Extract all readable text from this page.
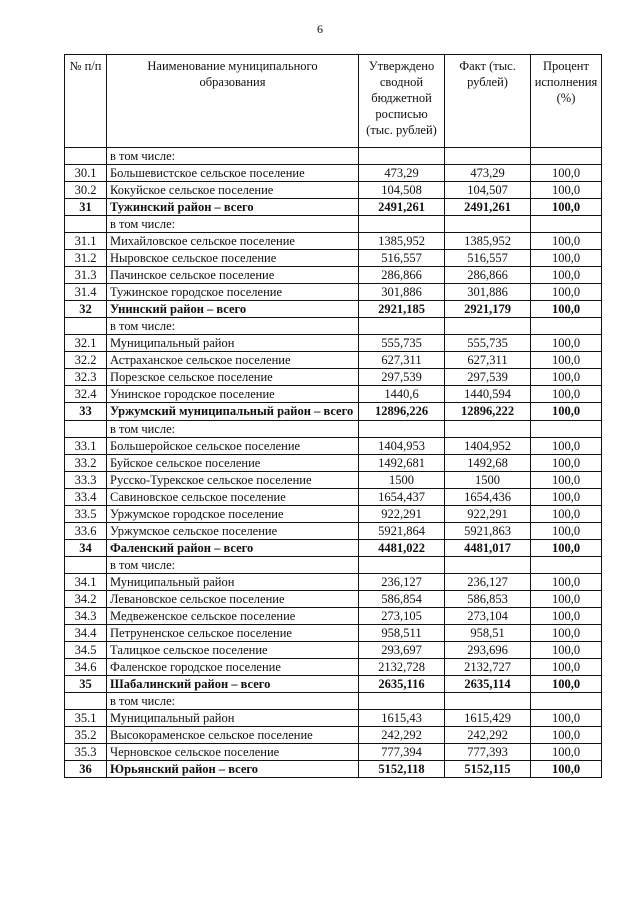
6
№ п/п	Наименование муниципального образования	Утверждено сводной бюджетной росписью (тыс. рублей)	Факт (тыс. рублей)	Процент исполнения (%)
	в том числе:			
30.1	Большевистское сельское поселение	473,29	473,29	100,0
30.2	Кокуйское сельское поселение	104,508	104,507	100,0
31	Тужинский район – всего	2491,261	2491,261	100,0
	в том числе:			
31.1	Михайловское сельское поселение	1385,952	1385,952	100,0
31.2	Ныровское сельское поселение	516,557	516,557	100,0
31.3	Пачинское сельское поселение	286,866	286,866	100,0
31.4	Тужинское городское поселение	301,886	301,886	100,0
32	Унинский район – всего	2921,185	2921,179	100,0
	в том числе:			
32.1	Муниципальный район	555,735	555,735	100,0
32.2	Астраханское сельское поселение	627,311	627,311	100,0
32.3	Порезское сельское поселение	297,539	297,539	100,0
32.4	Унинское городское поселение	1440,6	1440,594	100,0
33	Уржумский муниципальный район – всего	12896,226	12896,222	100,0
	в том числе:			
33.1	Большеройское сельское поселение	1404,953	1404,952	100,0
33.2	Буйское сельское поселение	1492,681	1492,68	100,0
33.3	Русско-Турекское сельское поселение	1500	1500	100,0
33.4	Савиновское сельское поселение	1654,437	1654,436	100,0
33.5	Уржумское городское поселение	922,291	922,291	100,0
33.6	Уржумское сельское поселение	5921,864	5921,863	100,0
34	Фаленский район – всего	4481,022	4481,017	100,0
	в том числе:			
34.1	Муниципальный район	236,127	236,127	100,0
34.2	Левановское сельское поселение	586,854	586,853	100,0
34.3	Медвеженское сельское поселение	273,105	273,104	100,0
34.4	Петруненское сельское поселение	958,511	958,51	100,0
34.5	Талицкое сельское поселение	293,697	293,696	100,0
34.6	Фаленское городское поселение	2132,728	2132,727	100,0
35	Шабалинский район – всего	2635,116	2635,114	100,0
	в том числе:			
35.1	Муниципальный район	1615,43	1615,429	100,0
35.2	Высокораменское сельское поселение	242,292	242,292	100,0
35.3	Черновское сельское поселение	777,394	777,393	100,0
36	Юрьянский район – всего	5152,118	5152,115	100,0
